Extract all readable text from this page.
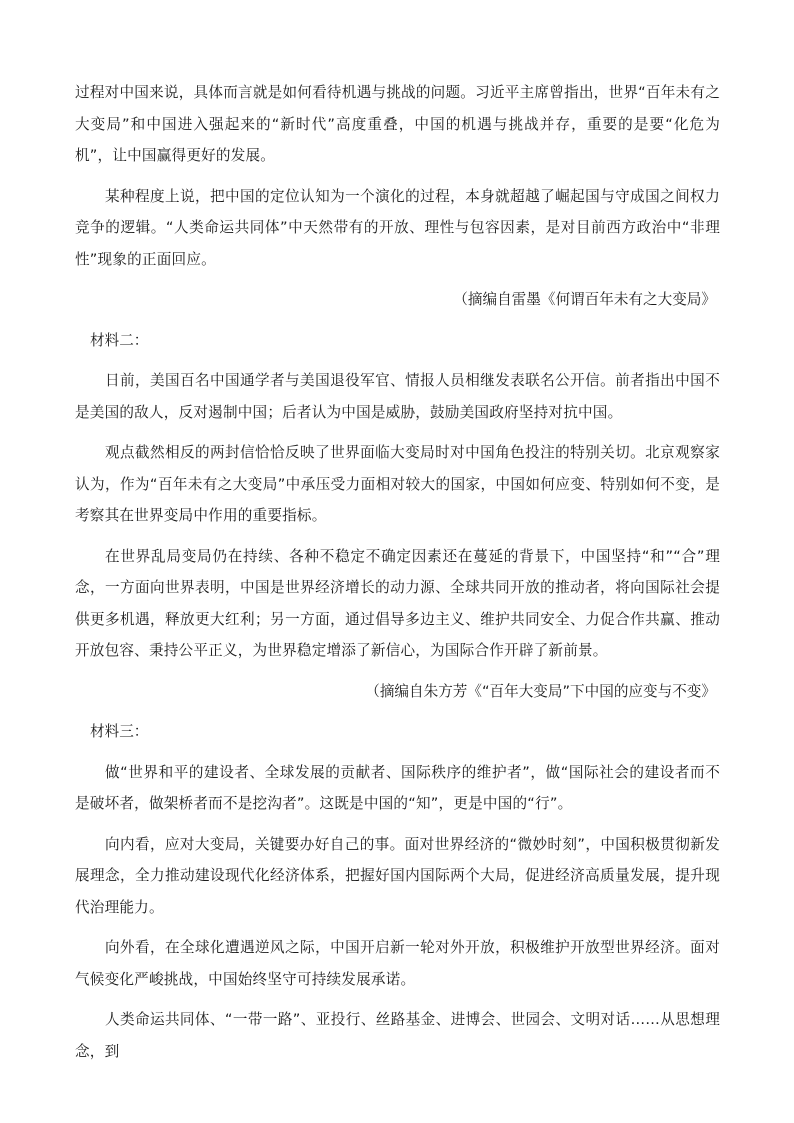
过程对中国来说，具体而言就是如何看待机遇与挑战的问题。习近平主席曾指出，世界“百年未有之大变局”和中国进入强起来的“新时代”高度重叠，中国的机遇与挑战并存，重要的是要“化危为机”，让中国赢得更好的发展。

某种程度上说，把中国的定位认知为一个演化的过程，本身就超越了崛起国与守成国之间权力竞争的逻辑。“人类命运共同体”中天然带有的开放、理性与包容因素，是对目前西方政治中“非理性”现象的正面回应。

（摘编自雷墨《何谓百年未有之大变局》

材料二：

日前，美国百名中国通学者与美国退役军官、情报人员相继发表联名公开信。前者指出中国不是美国的敌人，反对遏制中国；后者认为中国是威胁，鼓励美国政府坚持对抗中国。

观点截然相反的两封信恰恰反映了世界面临大变局时对中国角色投注的特别关切。北京观察家认为，作为“百年未有之大变局”中承压受力面相对较大的国家，中国如何应变、特别如何不变，是考察其在世界变局中作用的重要指标。

在世界乱局变局仍在持续、各种不稳定不确定因素还在蔓延的背景下，中国坚持“和”“合”理念，一方面向世界表明，中国是世界经济增长的动力源、全球共同开放的推动者，将向国际社会提供更多机遇，释放更大红利；另一方面，通过倡导多边主义、维护共同安全、力促合作共赢、推动开放包容、秉持公平正义，为世界稳定增添了新信心，为国际合作开辟了新前景。

（摘编自朱方芳《“百年大变局”下中国的应变与不变》

材料三：

做“世界和平的建设者、全球发展的贡献者、国际秩序的维护者”，做“国际社会的建设者而不是破坏者，做架桥者而不是挖沟者”。这既是中国的“知”，更是中国的“行”。

向内看，应对大变局，关键要办好自己的事。面对世界经济的“微妙时刻”，中国积极贯彻新发展理念，全力推动建设现代化经济体系，把握好国内国际两个大局，促进经济高质量发展，提升现代治理能力。

向外看，在全球化遭遇逆风之际，中国开启新一轮对外开放，积极维护开放型世界经济。面对气候变化严峻挑战，中国始终坚守可持续发展承诺。

人类命运共同体、“一带一路”、亚投行、丝路基金、进博会、世园会、文明对话……从思想理念，到
